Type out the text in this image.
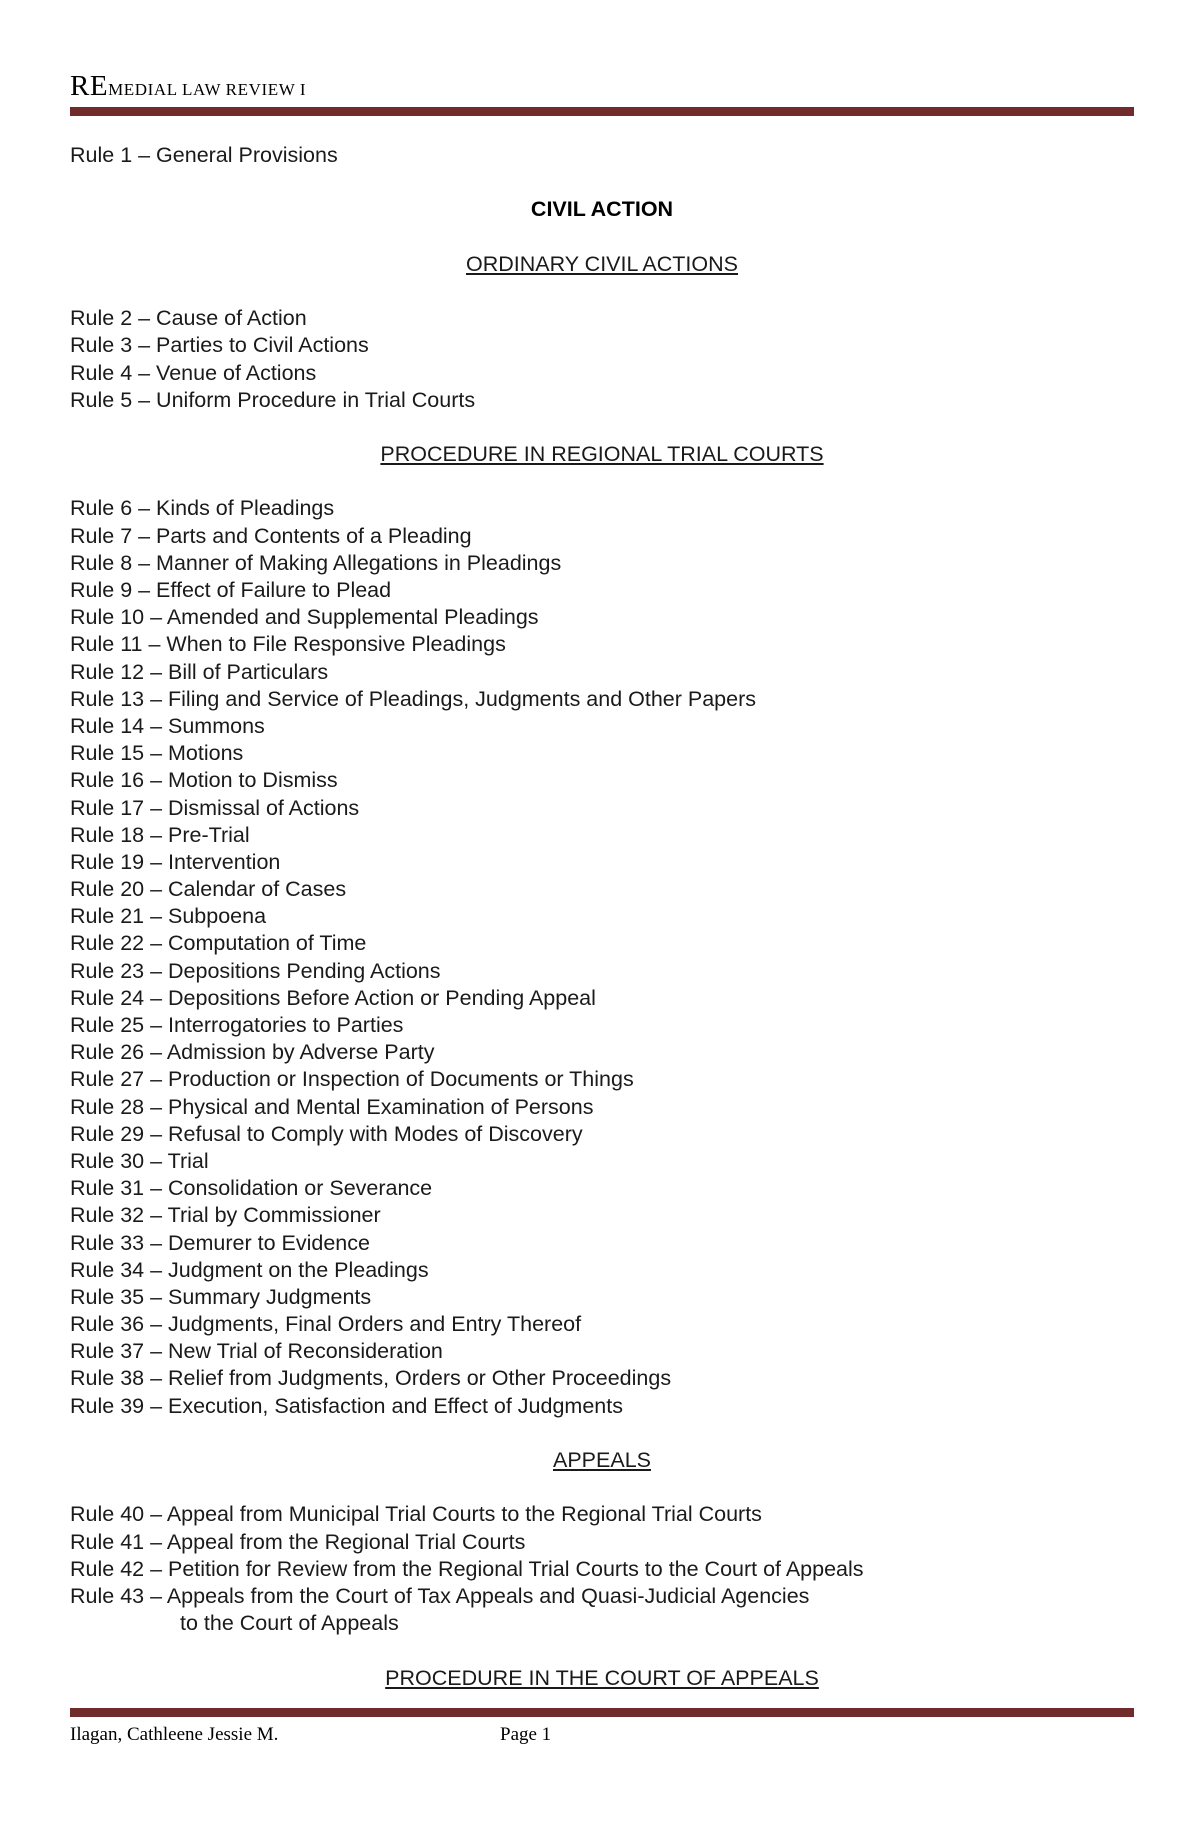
REMEDIAL LAW REVIEW I
Rule 1 – General Provisions
CIVIL ACTION
ORDINARY CIVIL ACTIONS
Rule 2 – Cause of Action
Rule 3 – Parties to Civil Actions
Rule 4 – Venue of Actions
Rule 5 – Uniform Procedure in Trial Courts
PROCEDURE IN REGIONAL TRIAL COURTS
Rule 6 – Kinds of Pleadings
Rule 7 – Parts and Contents of a Pleading
Rule 8 – Manner of Making Allegations in Pleadings
Rule 9 – Effect of Failure to Plead
Rule 10 – Amended and Supplemental Pleadings
Rule 11 – When to File Responsive Pleadings
Rule 12 – Bill of Particulars
Rule 13 – Filing and Service of Pleadings, Judgments and Other Papers
Rule 14 – Summons
Rule 15 – Motions
Rule 16 – Motion to Dismiss
Rule 17 – Dismissal of Actions
Rule 18 – Pre-Trial
Rule 19 – Intervention
Rule 20 – Calendar of Cases
Rule 21 – Subpoena
Rule 22 – Computation of Time
Rule 23 – Depositions Pending Actions
Rule 24 – Depositions Before Action or Pending Appeal
Rule 25 – Interrogatories to Parties
Rule 26 – Admission by Adverse Party
Rule 27 – Production or Inspection of Documents or Things
Rule 28 – Physical and Mental Examination of Persons
Rule 29 – Refusal to Comply with Modes of Discovery
Rule 30 – Trial
Rule 31 – Consolidation or Severance
Rule 32 – Trial by Commissioner
Rule 33 – Demurer to Evidence
Rule 34 – Judgment on the Pleadings
Rule 35 – Summary Judgments
Rule 36 – Judgments, Final Orders and Entry Thereof
Rule 37 – New Trial of Reconsideration
Rule 38 – Relief from Judgments, Orders or Other Proceedings
Rule 39 – Execution, Satisfaction and Effect of Judgments
APPEALS
Rule 40 – Appeal from Municipal Trial Courts to the Regional Trial Courts
Rule 41 – Appeal from the Regional Trial Courts
Rule 42 – Petition for Review from the Regional Trial Courts to the Court of Appeals
Rule 43 – Appeals from the Court of Tax Appeals and Quasi-Judicial Agencies
to the Court of Appeals
PROCEDURE IN THE COURT OF APPEALS
Ilagan, Cathleene Jessie M.	Page 1
